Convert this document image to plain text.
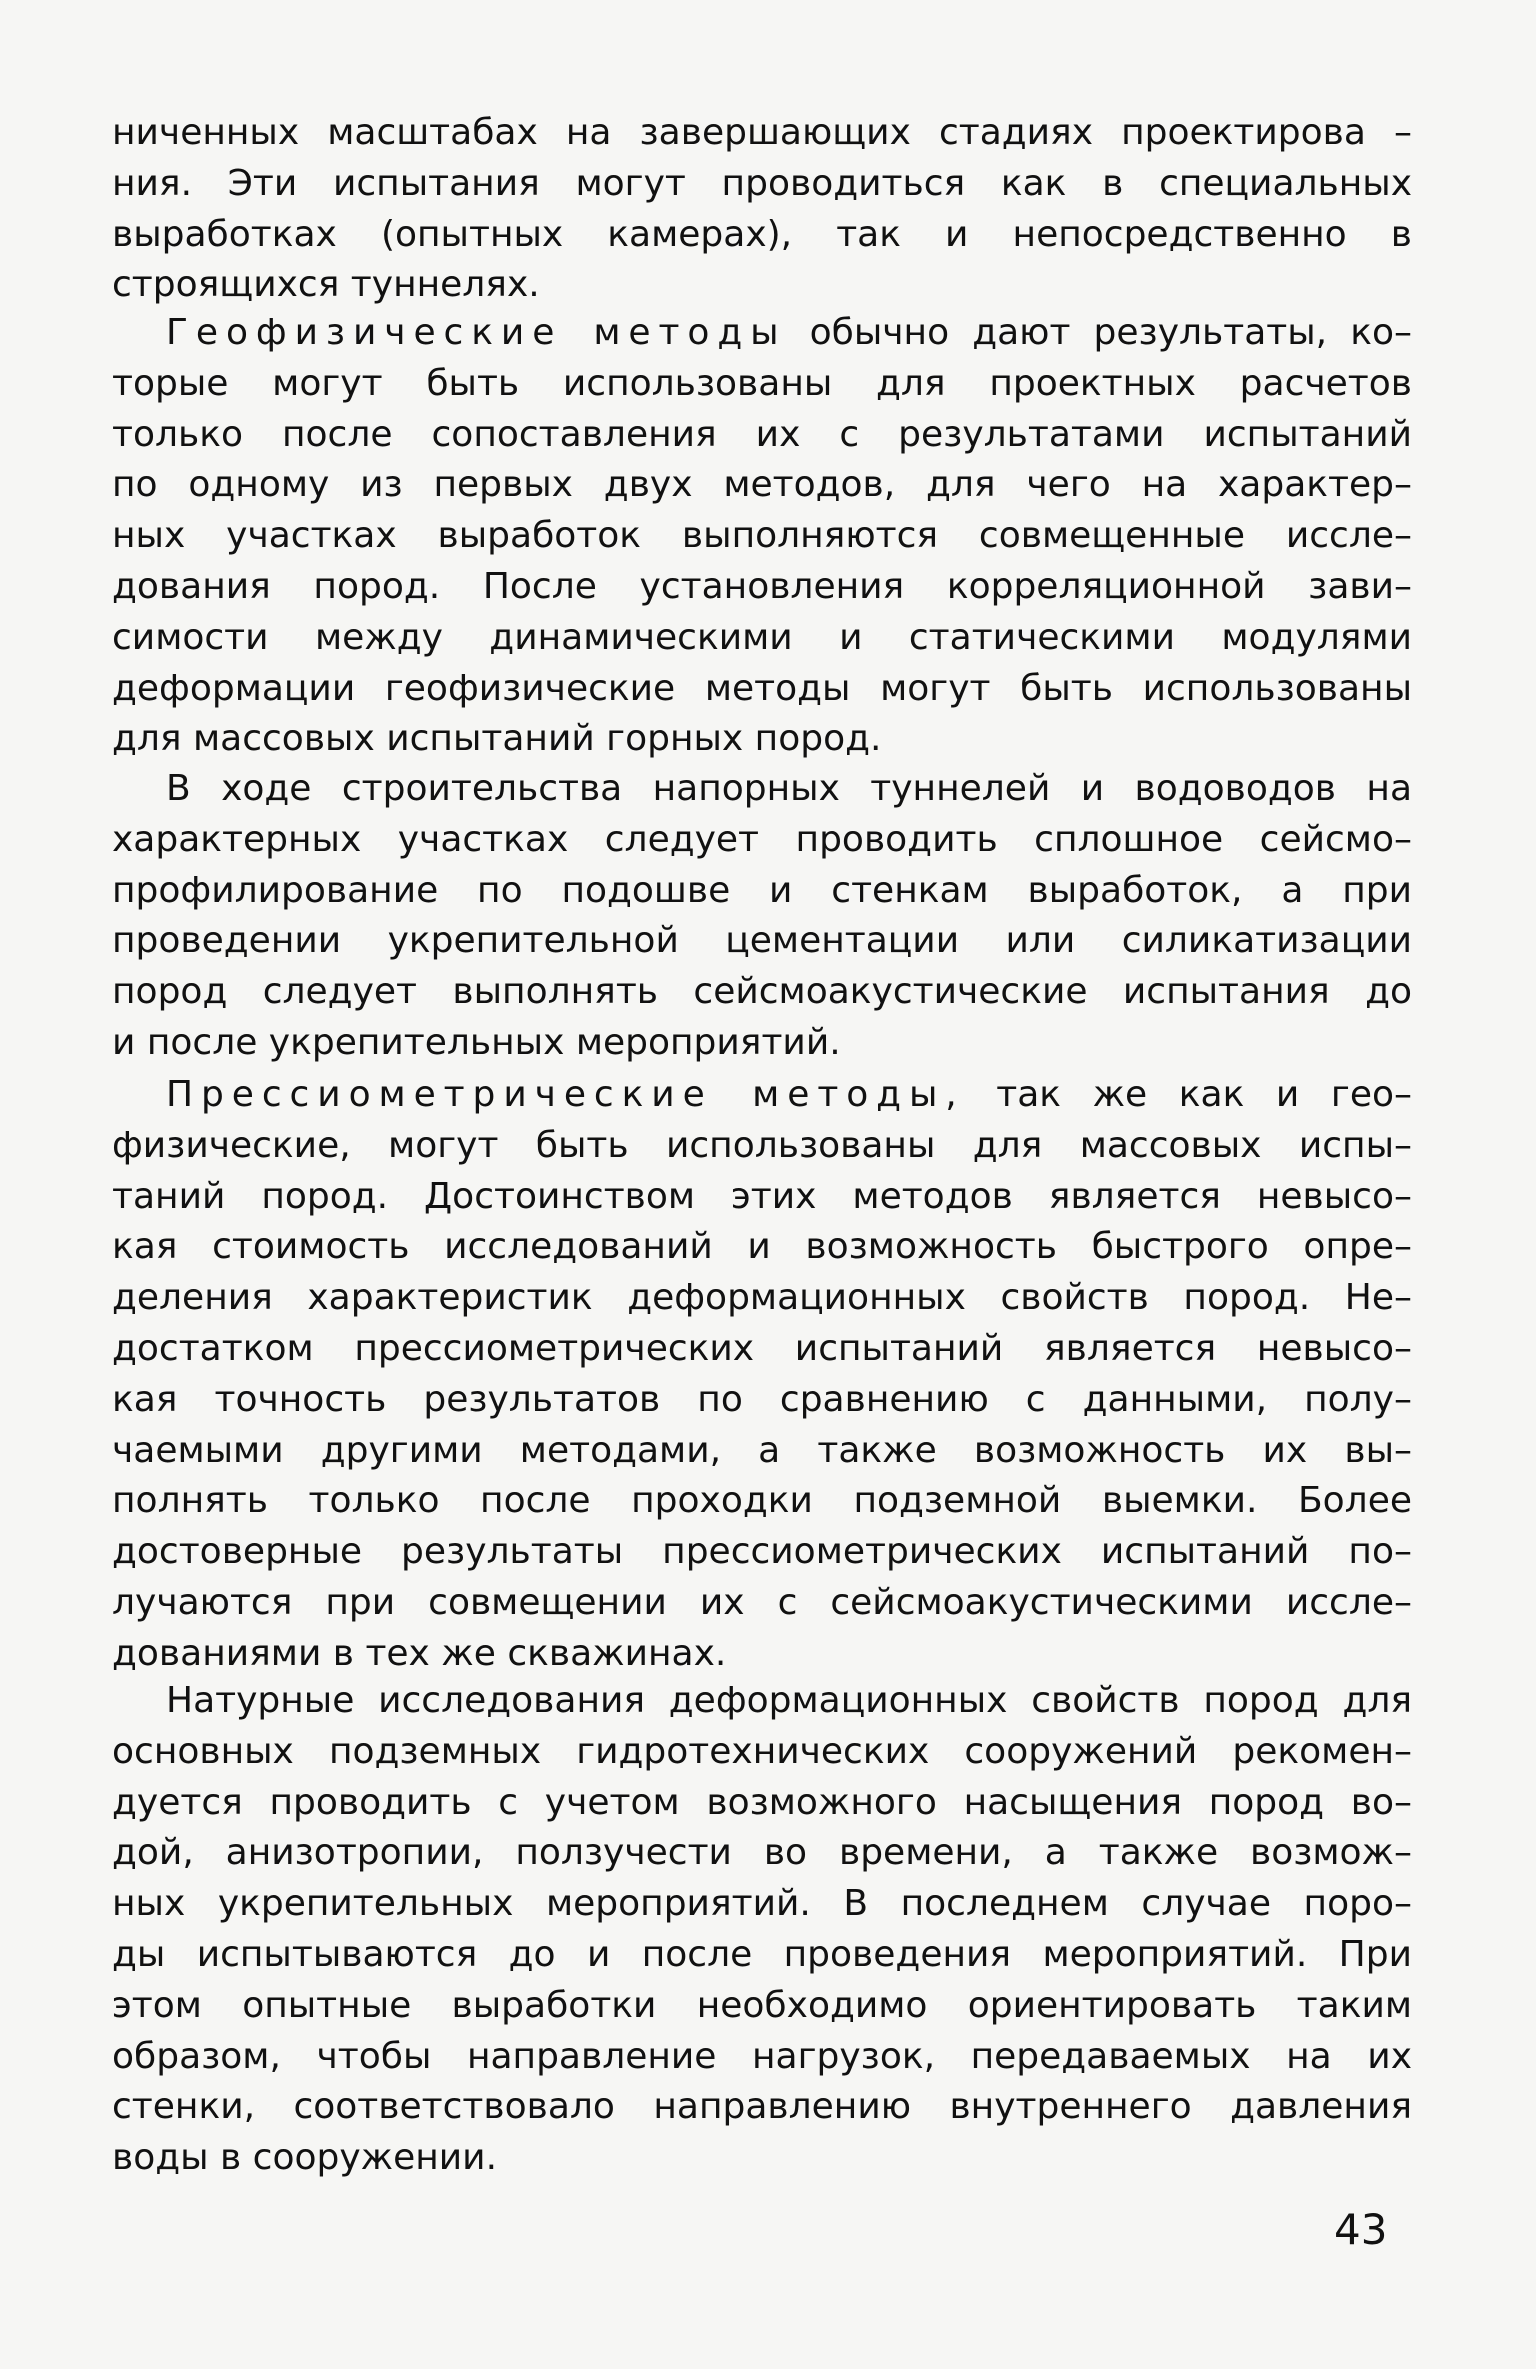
ниченных масштабах на завершающих стадиях проектирова –
ния. Эти испытания могут проводиться как в специальных
выработках (опытных камерах), так и непосредственно в
строящихся туннелях.
Геофизические методы обычно дают результаты, ко–
торые могут быть использованы для проектных расчетов
только после сопоставления их с результатами испытаний
по одному из первых двух методов, для чего на характер–
ных участках выработок выполняются совмещенные иссле–
дования пород. После установления корреляционной зави–
симости между динамическими и статическими модулями
деформации геофизические методы могут быть использованы
для массовых испытаний горных пород.
В ходе строительства напорных туннелей и водоводов на
характерных участках следует проводить сплошное сейсмо–
профилирование по подошве и стенкам выработок, а при
проведении укрепительной цементации или силикатизации
пород следует выполнять сейсмоакустические испытания до
и после укрепительных мероприятий.
Прессиометрические методы, так же как и гео–
физические, могут быть использованы для массовых испы–
таний пород. Достоинством этих методов является невысо–
кая стоимость исследований и возможность быстрого опре–
деления характеристик деформационных свойств пород. Не–
достатком прессиометрических испытаний является невысо–
кая точность результатов по сравнению с данными, полу–
чаемыми другими методами, а также возможность их вы–
полнять только после проходки подземной выемки. Более
достоверные результаты прессиометрических испытаний по–
лучаются при совмещении их с сейсмоакустическими иссле–
дованиями в тех же скважинах.
Натурные исследования деформационных свойств пород для
основных подземных гидротехнических сооружений рекомен–
дуется проводить с учетом возможного насыщения пород во–
дой, анизотропии, ползучести во времени, а также возмож–
ных укрепительных мероприятий. В последнем случае поро–
ды испытываются до и после проведения мероприятий. При
этом опытные выработки необходимо ориентировать таким
образом, чтобы направление нагрузок, передаваемых на их
стенки, соответствовало направлению внутреннего давления
воды в сооружении.
43
